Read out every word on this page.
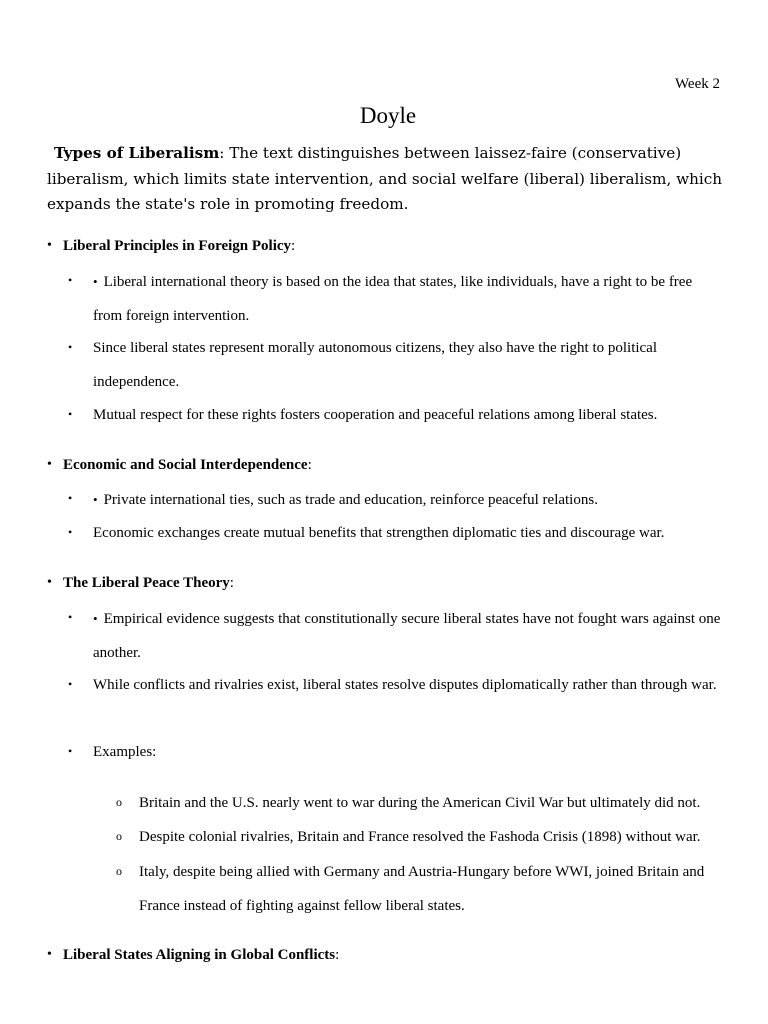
Week 2
Doyle
Types of Liberalism: The text distinguishes between laissez-faire (conservative) liberalism, which limits state intervention, and social welfare (liberal) liberalism, which expands the state's role in promoting freedom.
• Liberal Principles in Foreign Policy:
• • Liberal international theory is based on the idea that states, like individuals, have a right to be free from foreign intervention.
• Since liberal states represent morally autonomous citizens, they also have the right to political independence.
• Mutual respect for these rights fosters cooperation and peaceful relations among liberal states.
• Economic and Social Interdependence:
• • Private international ties, such as trade and education, reinforce peaceful relations.
• Economic exchanges create mutual benefits that strengthen diplomatic ties and discourage war.
• The Liberal Peace Theory:
• • Empirical evidence suggests that constitutionally secure liberal states have not fought wars against one another.
• While conflicts and rivalries exist, liberal states resolve disputes diplomatically rather than through war.
• Examples:
o Britain and the U.S. nearly went to war during the American Civil War but ultimately did not.
o Despite colonial rivalries, Britain and France resolved the Fashoda Crisis (1898) without war.
o Italy, despite being allied with Germany and Austria-Hungary before WWI, joined Britain and France instead of fighting against fellow liberal states.
• Liberal States Aligning in Global Conflicts:
